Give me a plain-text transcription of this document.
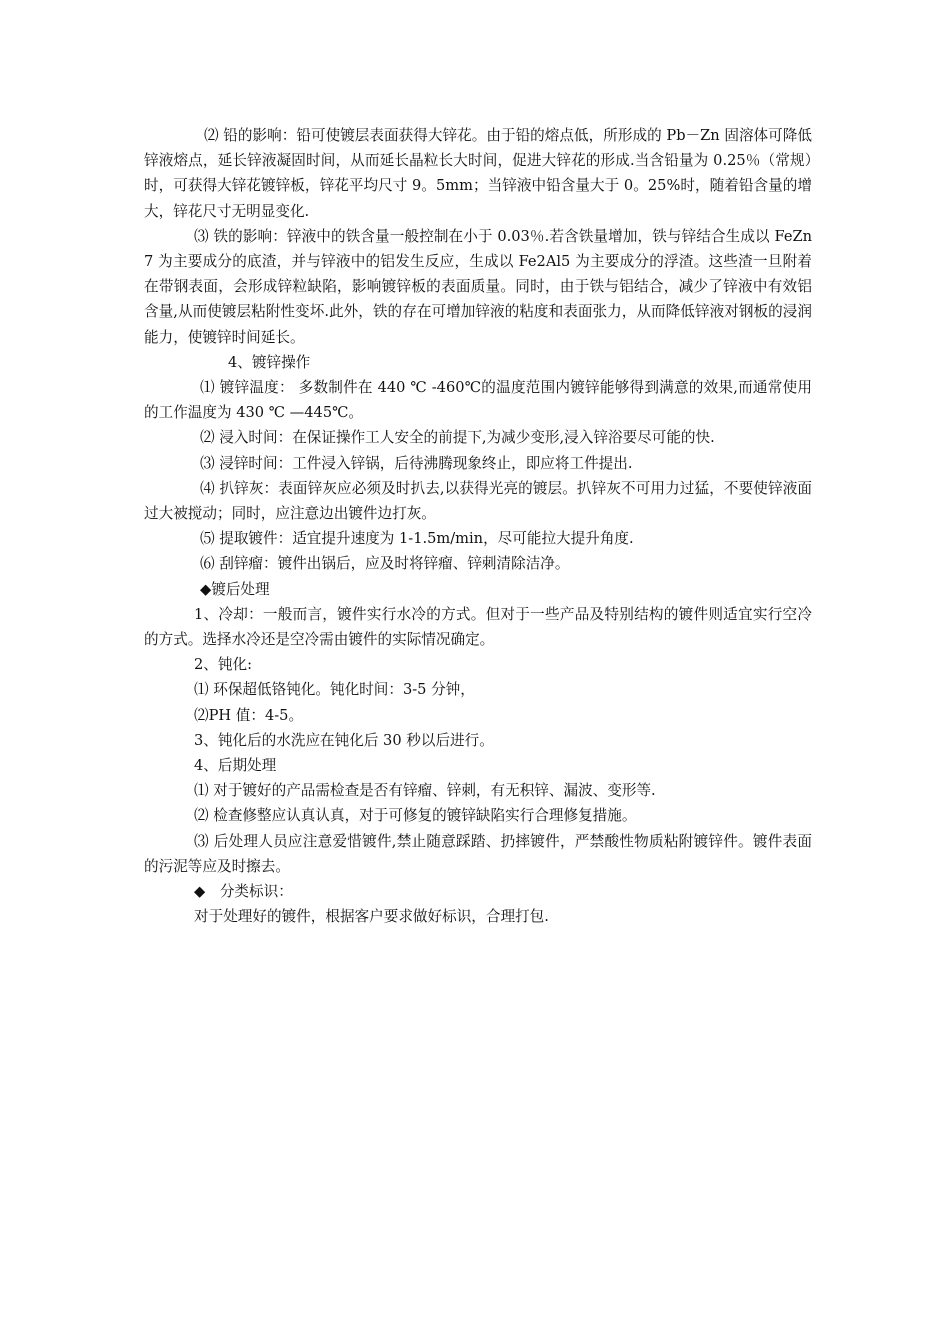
⑵ 铅的影响：铅可使镀层表面获得大锌花。由于铅的熔点低，所形成的 Pb－Zn 固溶体可降低锌液熔点，延长锌液凝固时间，从而延长晶粒长大时间，促进大锌花的形成.当含铅量为 0.25％（常规）时，可获得大锌花镀锌板，锌花平均尺寸 9。5mm；当锌液中铅含量大于 0。25%时，随着铅含量的增大，锌花尺寸无明显变化.

⑶ 铁的影响：锌液中的铁含量一般控制在小于 0.03％.若含铁量增加，铁与锌结合生成以 FeZn7 为主要成分的底渣，并与锌液中的铝发生反应，生成以 Fe2Al5 为主要成分的浮渣。这些渣一旦附着在带钢表面，会形成锌粒缺陷，影响镀锌板的表面质量。同时，由于铁与铝结合，减少了锌液中有效铝含量,从而使镀层粘附性变坏.此外，铁的存在可增加锌液的粘度和表面张力，从而降低锌液对钢板的浸润能力，使镀锌时间延长。

4、镀锌操作

⑴ 镀锌温度： 多数制件在 440 ℃ -460℃的温度范围内镀锌能够得到满意的效果,而通常使用的工作温度为 430 ℃ —445℃。

⑵ 浸入时间：在保证操作工人安全的前提下,为减少变形,浸入锌浴要尽可能的快.

⑶ 浸锌时间：工件浸入锌锅，后待沸腾现象终止，即应将工件提出.

⑷ 扒锌灰：表面锌灰应必须及时扒去,以获得光亮的镀层。扒锌灰不可用力过猛，不要使锌液面过大被搅动；同时，应注意边出镀件边打灰。

⑸ 提取镀件：适宜提升速度为 1-1.5m/min，尽可能拉大提升角度.

⑹ 刮锌瘤：镀件出锅后，应及时将锌瘤、锌刺清除洁净。

◆镀后处理

1、冷却：一般而言，镀件实行水冷的方式。但对于一些产品及特别结构的镀件则适宜实行空冷的方式。选择水冷还是空冷需由镀件的实际情况确定。

2、钝化:

⑴ 环保超低铬钝化。钝化时间：3-5 分钟，

⑵PH 值：4-5。

3、钝化后的水洗应在钝化后 30 秒以后进行。

4、后期处理

⑴ 对于镀好的产品需检查是否有锌瘤、锌刺，有无积锌、漏波、变形等.

⑵ 检查修整应认真认真，对于可修复的镀锌缺陷实行合理修复措施。

⑶ 后处理人员应注意爱惜镀件,禁止随意踩踏、扔摔镀件，严禁酸性物质粘附镀锌件。镀件表面的污泥等应及时擦去。

◆　分类标识：

对于处理好的镀件，根据客户要求做好标识，合理打包.
